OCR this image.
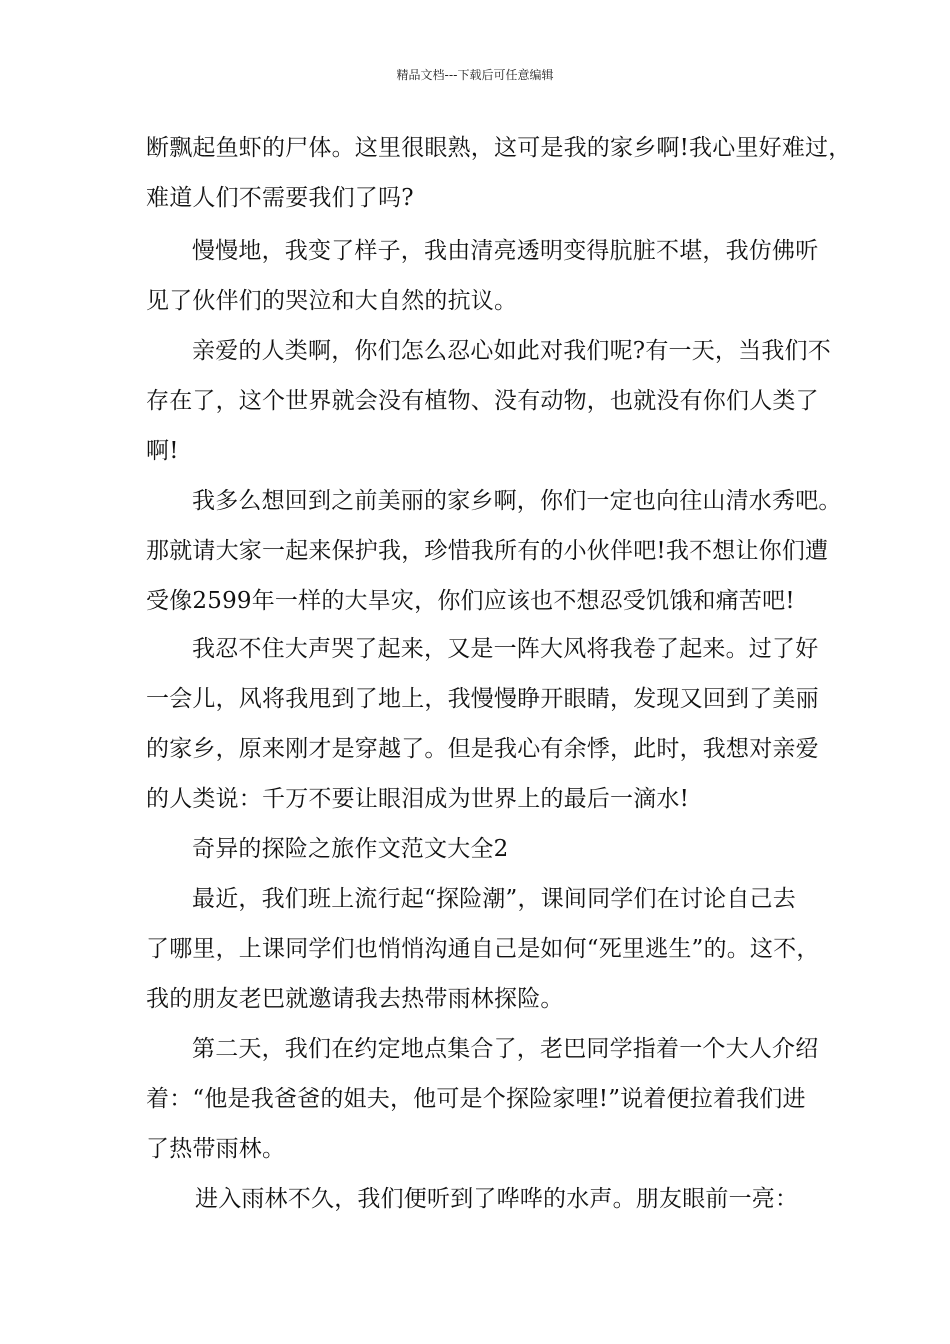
精品文档---下载后可任意编辑
断飘起鱼虾的尸体。这里很眼熟，这可是我的家乡啊!我心里好难过，
难道人们不需要我们了吗?
慢慢地，我变了样子，我由清亮透明变得肮脏不堪，我仿佛听
见了伙伴们的哭泣和大自然的抗议。
亲爱的人类啊，你们怎么忍心如此对我们呢?有一天，当我们不
存在了，这个世界就会没有植物、没有动物，也就没有你们人类了
啊!
我多么想回到之前美丽的家乡啊，你们一定也向往山清水秀吧。
那就请大家一起来保护我，珍惜我所有的小伙伴吧!我不想让你们遭
受像2599年一样的大旱灾，你们应该也不想忍受饥饿和痛苦吧!
我忍不住大声哭了起来，又是一阵大风将我卷了起来。过了好
一会儿，风将我甩到了地上，我慢慢睁开眼睛，发现又回到了美丽
的家乡，原来刚才是穿越了。但是我心有余悸，此时，我想对亲爱
的人类说：千万不要让眼泪成为世界上的最后一滴水!
奇异的探险之旅作文范文大全2
最近，我们班上流行起“探险潮”，课间同学们在讨论自己去
了哪里，上课同学们也悄悄沟通自己是如何“死里逃生”的。这不，
我的朋友老巴就邀请我去热带雨林探险。
第二天，我们在约定地点集合了，老巴同学指着一个大人介绍
着：“他是我爸爸的姐夫，他可是个探险家哩!”说着便拉着我们进
了热带雨林。
进入雨林不久，我们便听到了哗哗的水声。朋友眼前一亮：
